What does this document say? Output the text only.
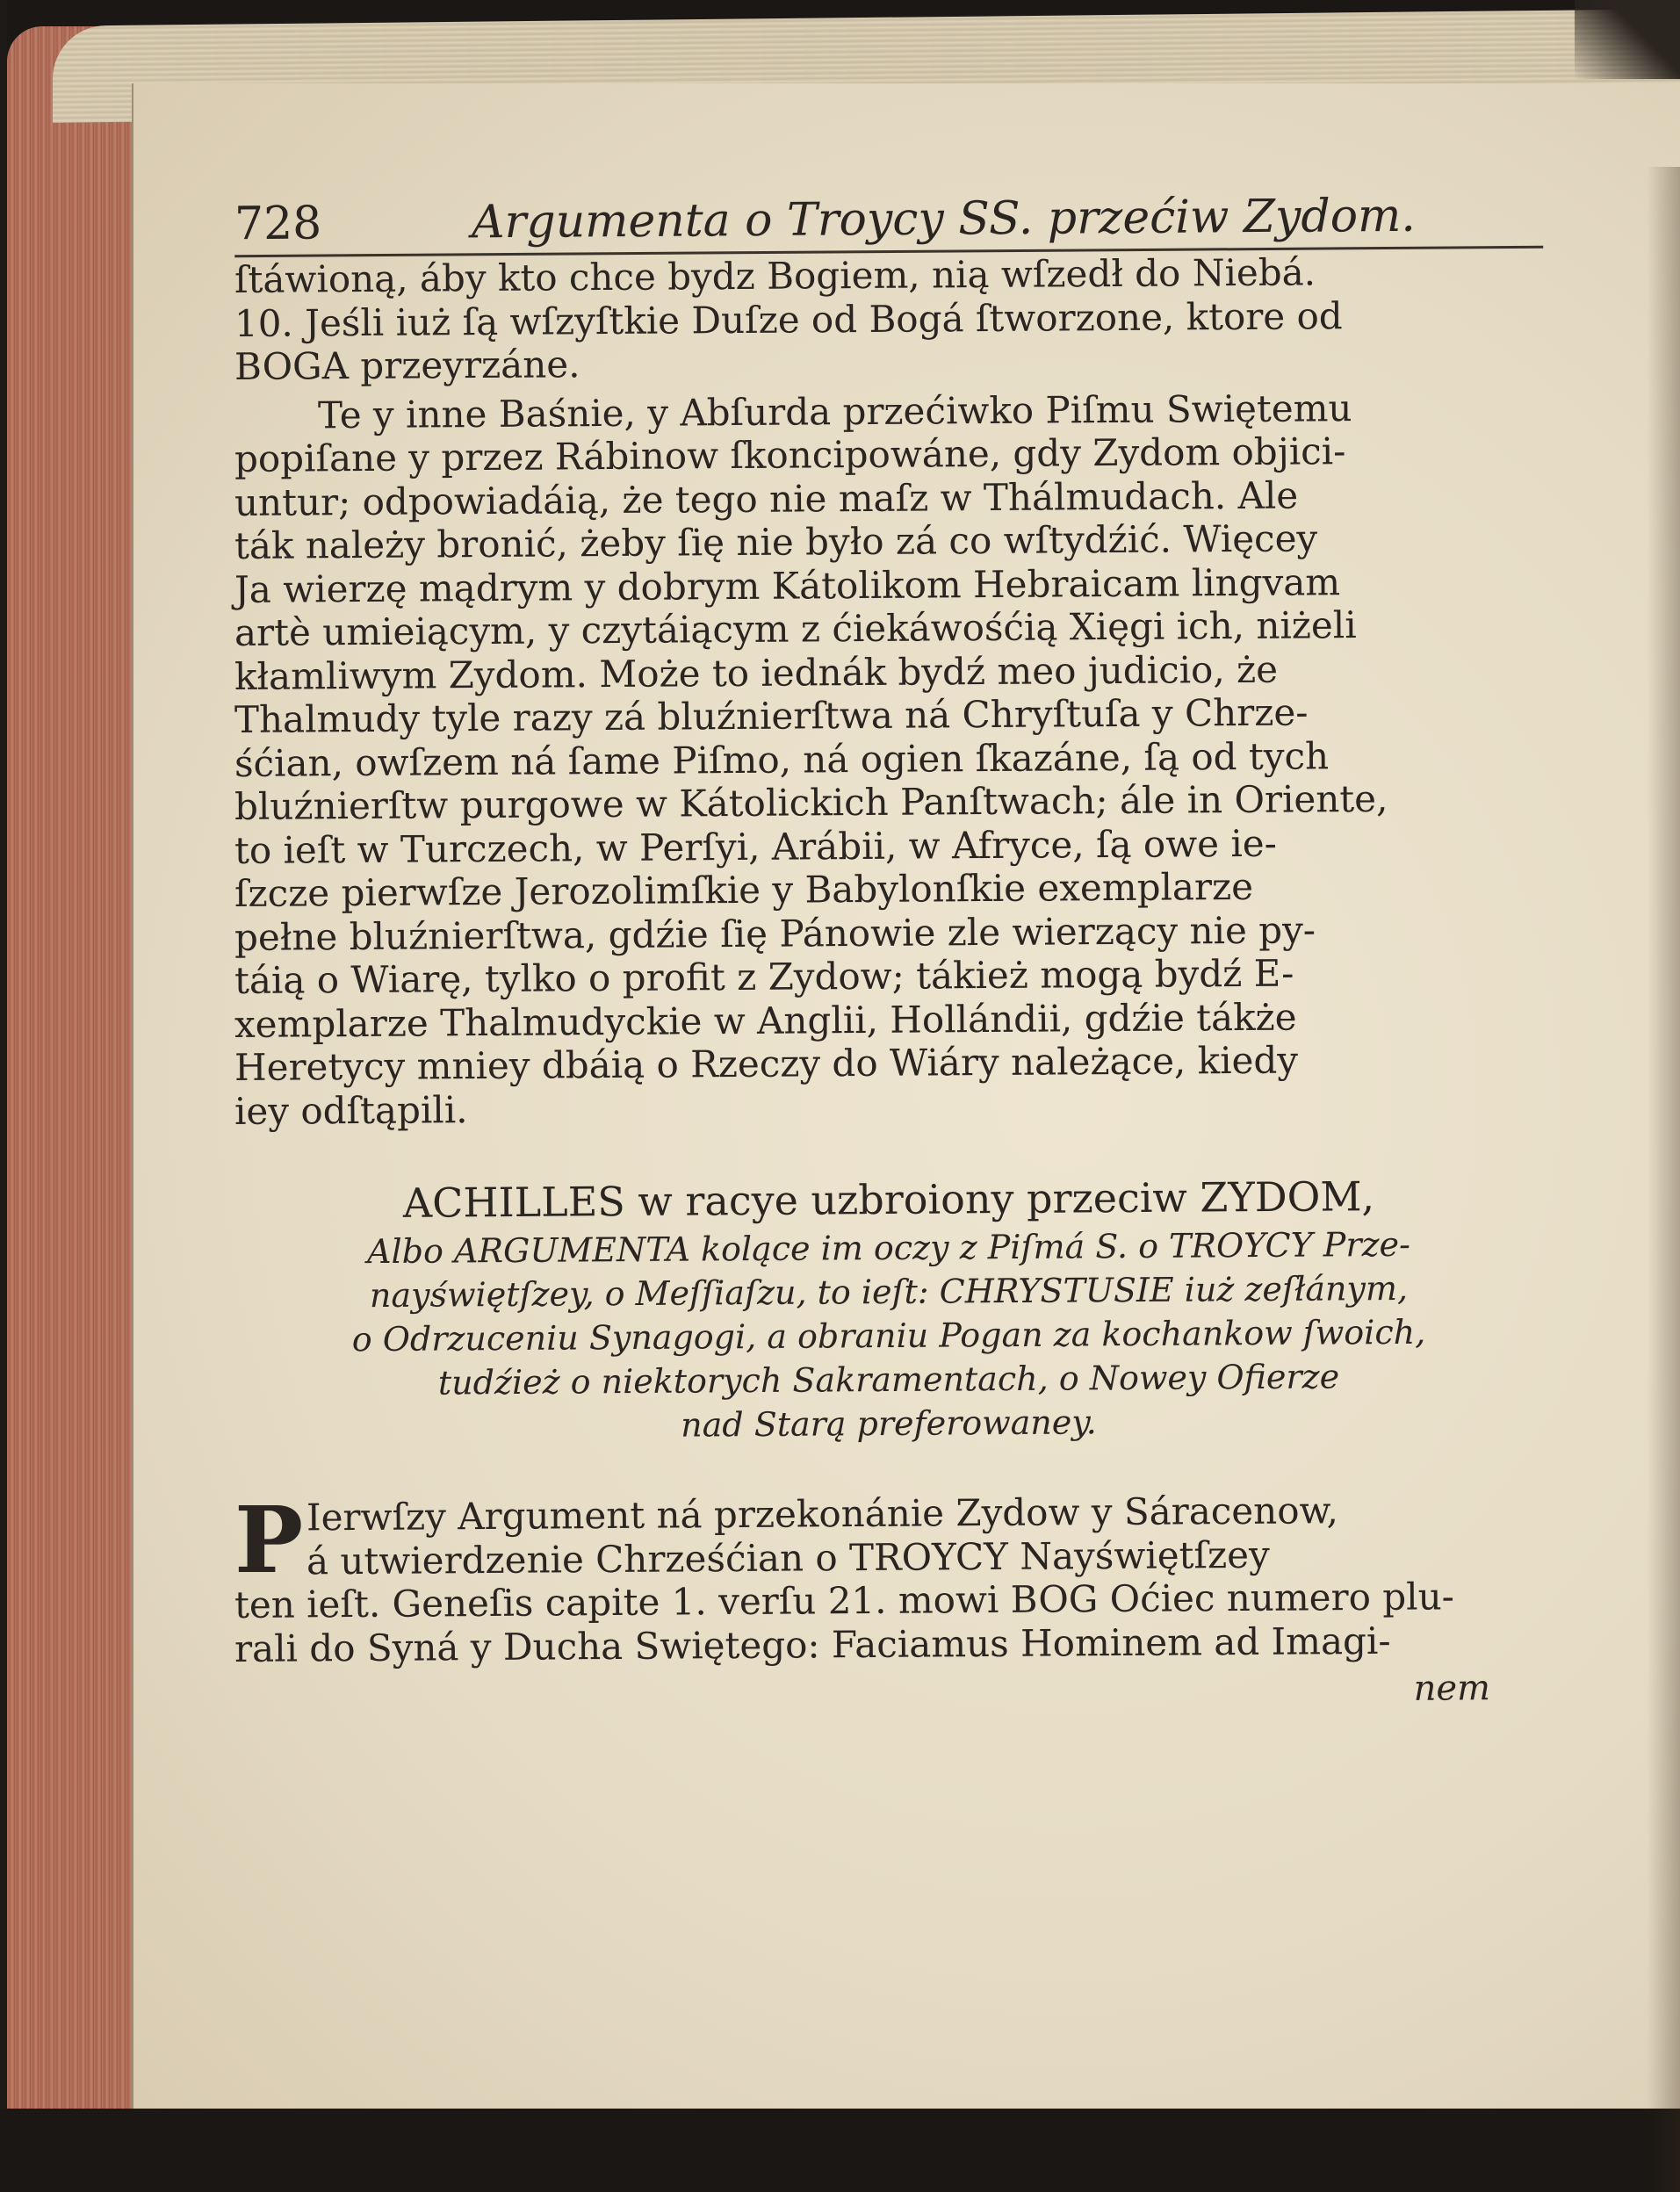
728	Argumenta o Troycy SS. przećiw Zydom.
ſtáwioną, áby kto chce bydz Bogiem, nią wſzedł do Niebá.
10. Jeśli iuż ſą wſzyſtkie Duſze od Bogá ſtworzone, ktore od
BOGA przeyrzáne.
Te y inne Baśnie, y Abſurda przećiwko Piſmu Swiętemu
popiſane y przez Rábinow ſkoncipowáne, gdy Zydom objici-
untur; odpowiadáią, że tego nie maſz w Thálmudach. Ale
ták należy bronić, żeby ſię nie było zá co wſtydźić. Więcey
Ja wierzę mądrym y dobrym Kátolikom Hebraicam lingvam
artè umieiącym, y czytáiącym z ćiekáwośćią Xięgi ich, niżeli
kłamliwym Zydom. Może to iednák bydź meo judicio, że
Thalmudy tyle razy zá bluźnierſtwa ná Chryſtuſa y Chrze-
śćian, owſzem ná ſame Piſmo, ná ogien ſkazáne, ſą od tych
bluźnierſtw purgowe w Kátolickich Panſtwach; ále in Oriente,
to ieſt w Turczech, w Perſyi, Arábii, w Afryce, ſą owe ie-
ſzcze pierwſze Jerozolimſkie y Babylonſkie exemplarze
pełne bluźnierſtwa, gdźie ſię Pánowie zle wierzący nie py-
táią o Wiarę, tylko o profit z Zydow; tákież mogą bydź E-
xemplarze Thalmudyckie w Anglii, Hollándii, gdźie tákże
Heretycy mniey dbáią o Rzeczy do Wiáry należące, kiedy
iey odſtąpili.
ACHILLES w racye uzbroiony przeciw ZYDOM,
Albo ARGUMENTA kolące im oczy z Piſmá S. o TROYCY Prze-
nayświętſzey, o Meſſiaſzu, to ieſt: CHRYSTUSIE iuż zeſłánym,
o Odrzuceniu Synagogi, a obraniu Pogan za kochankow ſwoich,
tudźież o niektorych Sakramentach, o Nowey Ofierze
nad Starą preferowaney.
P Ierwſzy Argument ná przekonánie Zydow y Sáracenow,
á utwierdzenie Chrześćian o TROYCY Nayświętſzey
ten ieſt. Geneſis capite 1. verſu 21. mowi BOG Oćiec numero plu-
rali do Syná y Ducha Swiętego: Faciamus Hominem ad Imagi-
nem
